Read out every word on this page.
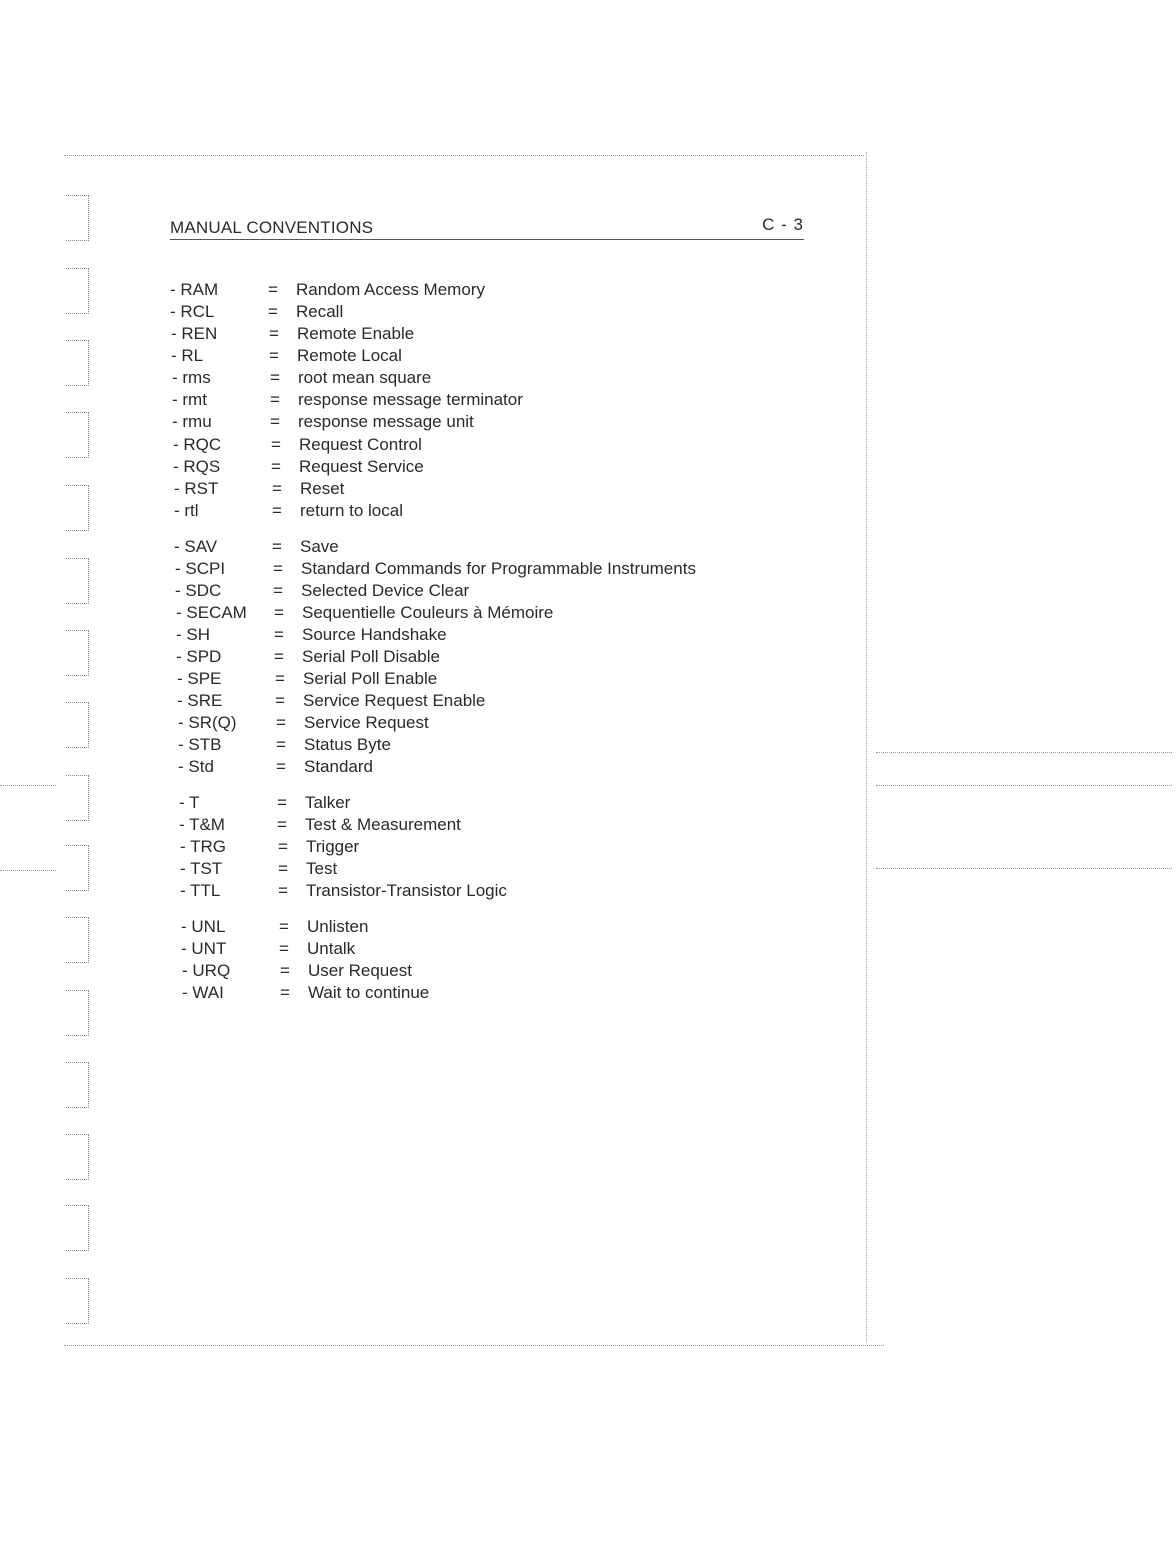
MANUAL CONVENTIONS	C - 3
- RAM	= Random Access Memory
- RCL	= Recall
- REN	= Remote Enable
- RL	= Remote Local
- rms	= root mean square
- rmt	= response message terminator
- rmu	= response message unit
- RQC	= Request Control
- RQS	= Request Service
- RST	= Reset
- rtl	= return to local
- SAV	= Save
- SCPI	= Standard Commands for Programmable Instruments
- SDC	= Selected Device Clear
- SECAM = Sequentielle Couleurs à Mémoire
- SH	= Source Handshake
- SPD	= Serial Poll Disable
- SPE	= Serial Poll Enable
- SRE	= Service Request Enable
- SR(Q) = Service Request
- STB	= Status Byte
- Std	= Standard
- T	= Talker
- T&M	= Test & Measurement
- TRG	= Trigger
- TST	= Test
- TTL	= Transistor-Transistor Logic
- UNL	= Unlisten
- UNT	= Untalk
- URQ	= User Request
- WAI	= Wait to continue
